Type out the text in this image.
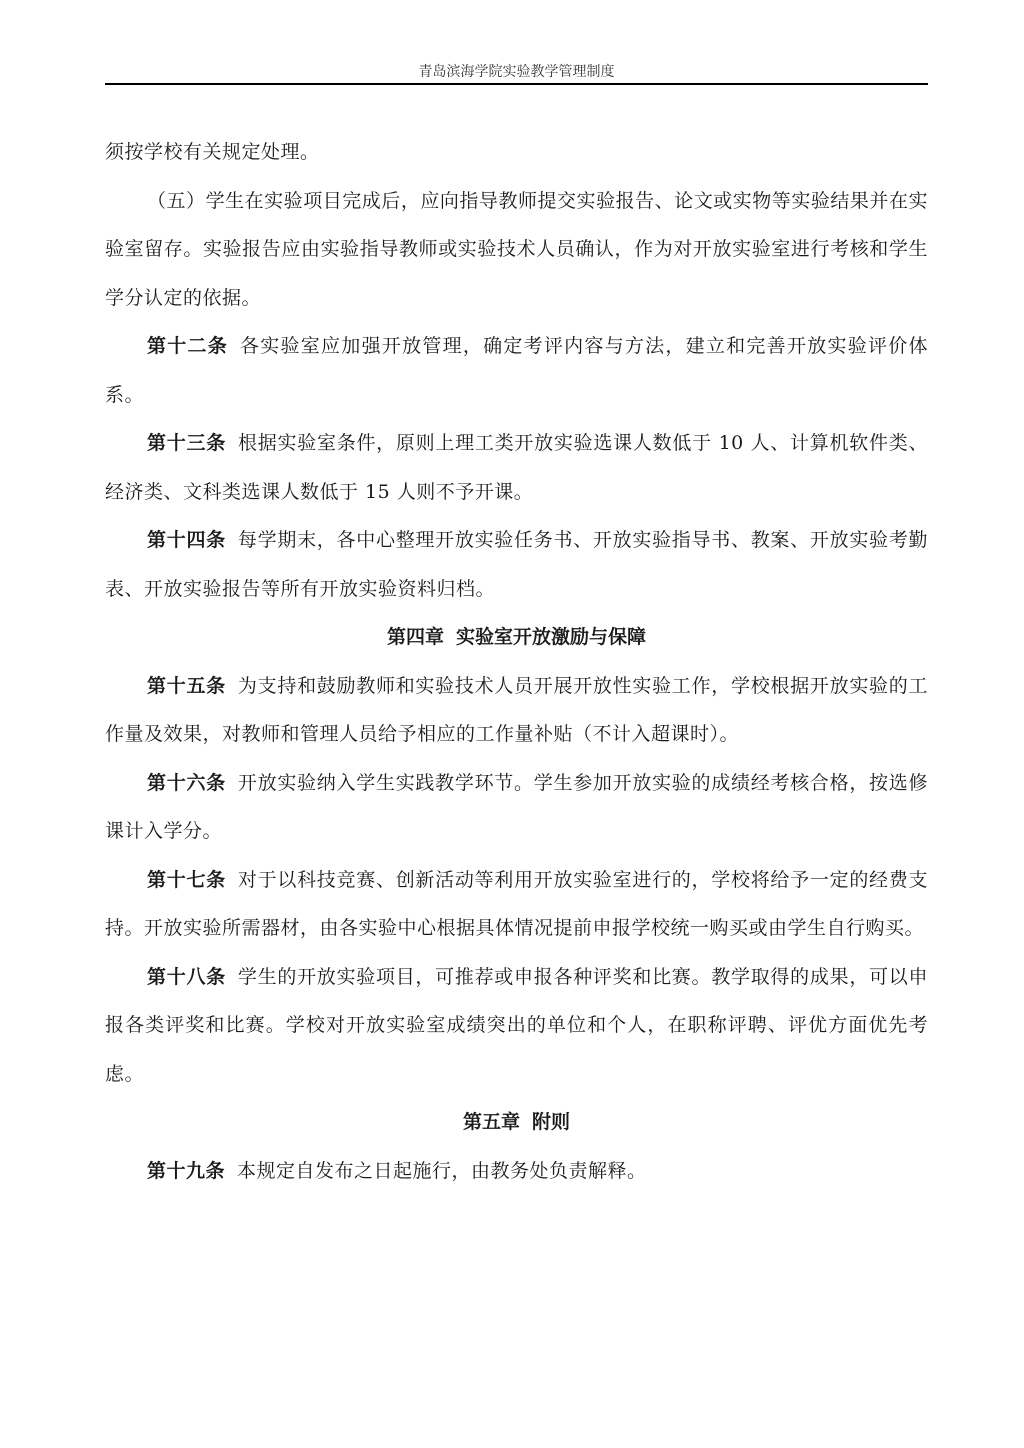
青岛滨海学院实验教学管理制度

须按学校有关规定处理。

（五）学生在实验项目完成后，应向指导教师提交实验报告、论文或实物等实验结果并在实验室留存。实验报告应由实验指导教师或实验技术人员确认，作为对开放实验室进行考核和学生学分认定的依据。

第十二条 各实验室应加强开放管理，确定考评内容与方法，建立和完善开放实验评价体系。

第十三条 根据实验室条件，原则上理工类开放实验选课人数低于 10 人、计算机软件类、经济类、文科类选课人数低于 15 人则不予开课。

第十四条 每学期末，各中心整理开放实验任务书、开放实验指导书、教案、开放实验考勤表、开放实验报告等所有开放实验资料归档。

第四章 实验室开放激励与保障

第十五条 为支持和鼓励教师和实验技术人员开展开放性实验工作，学校根据开放实验的工作量及效果，对教师和管理人员给予相应的工作量补贴（不计入超课时）。

第十六条 开放实验纳入学生实践教学环节。学生参加开放实验的成绩经考核合格，按选修课计入学分。

第十七条 对于以科技竞赛、创新活动等利用开放实验室进行的，学校将给予一定的经费支持。开放实验所需器材，由各实验中心根据具体情况提前申报学校统一购买或由学生自行购买。

第十八条 学生的开放实验项目，可推荐或申报各种评奖和比赛。教学取得的成果，可以申报各类评奖和比赛。学校对开放实验室成绩突出的单位和个人，在职称评聘、评优方面优先考虑。

第五章 附则

第十九条 本规定自发布之日起施行，由教务处负责解释。
